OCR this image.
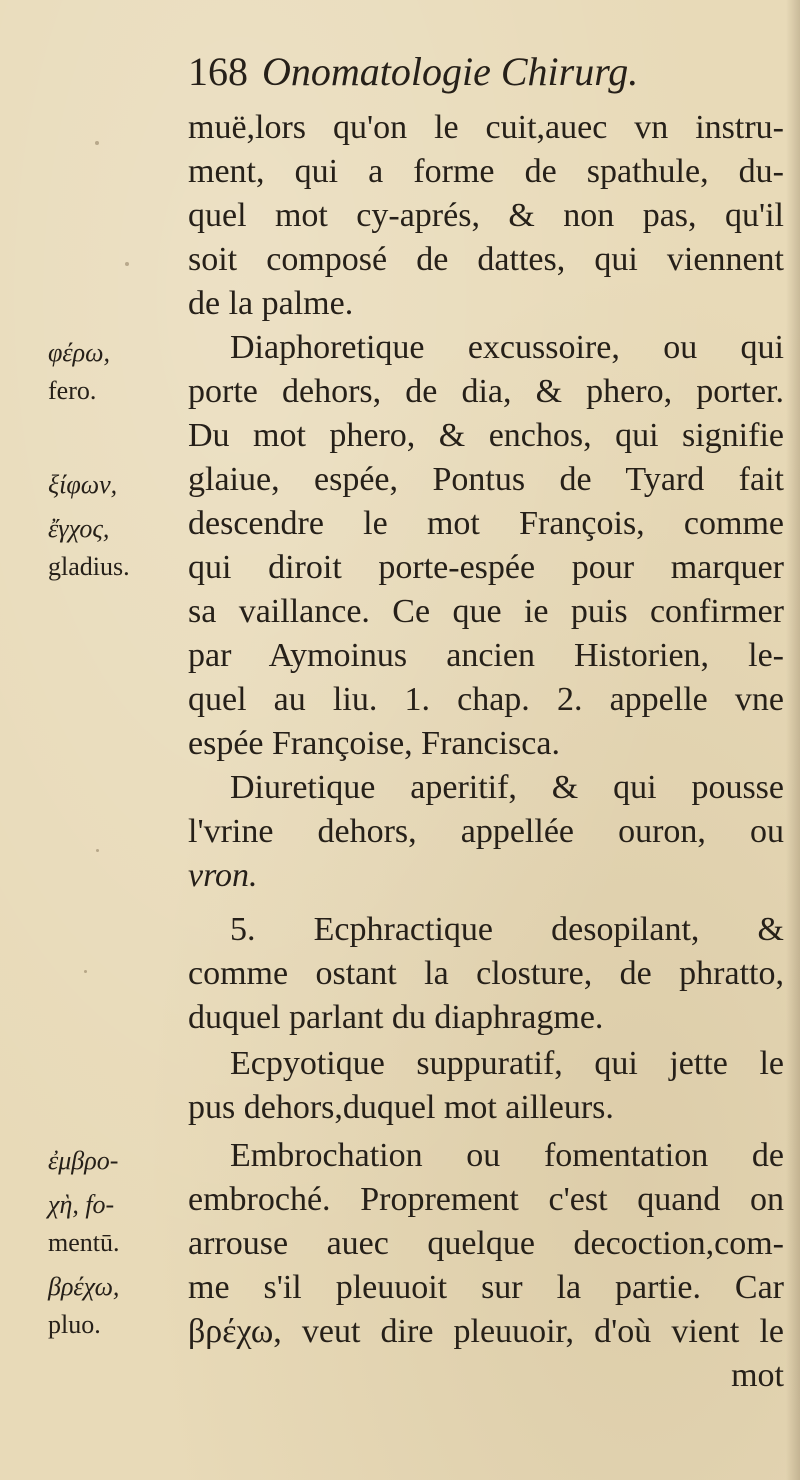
168 Onomatologie Chirurg.
muë,lors qu'on le cuit,auec vn instru-
ment, qui a forme de spathule, du-
quel mot cy-aprés, & non pas, qu'il
soit composé de dattes, qui viennent
de la palme.
Diaphoretique excussoire, ou qui
porte dehors, de dia, & phero, porter.
Du mot phero, & enchos, qui signifie
glaiue, espée, Pontus de Tyard fait
descendre le mot François, comme
qui diroit porte-espée pour marquer
sa vaillance. Ce que ie puis confirmer
par Aymoinus ancien Historien, le-
quel au liu. 1. chap. 2. appelle vne
espée Françoise, Francisca.
Diuretique aperitif, & qui pousse
l'vrine dehors, appellée ouron, ou
vron.
5. Ecphractique desopilant, &
comme ostant la closture, de phratto,
duquel parlant du diaphragme.
Ecpyotique suppuratif, qui jette le
pus dehors,duquel mot ailleurs.
Embrochation ou fomentation de
embroché. Proprement c'est quand on
arrouse auec quelque decoction,com-
me s'il pleuuoit sur la partie. Car
βρέχω, veut dire pleuuoir, d'où vient le
mot
φέρω,
fero.
ξίφων,
ἔγχος,
gladius.
ἐμβρο-
χὴ, fo-
mentū.
βρέχω,
pluo.
